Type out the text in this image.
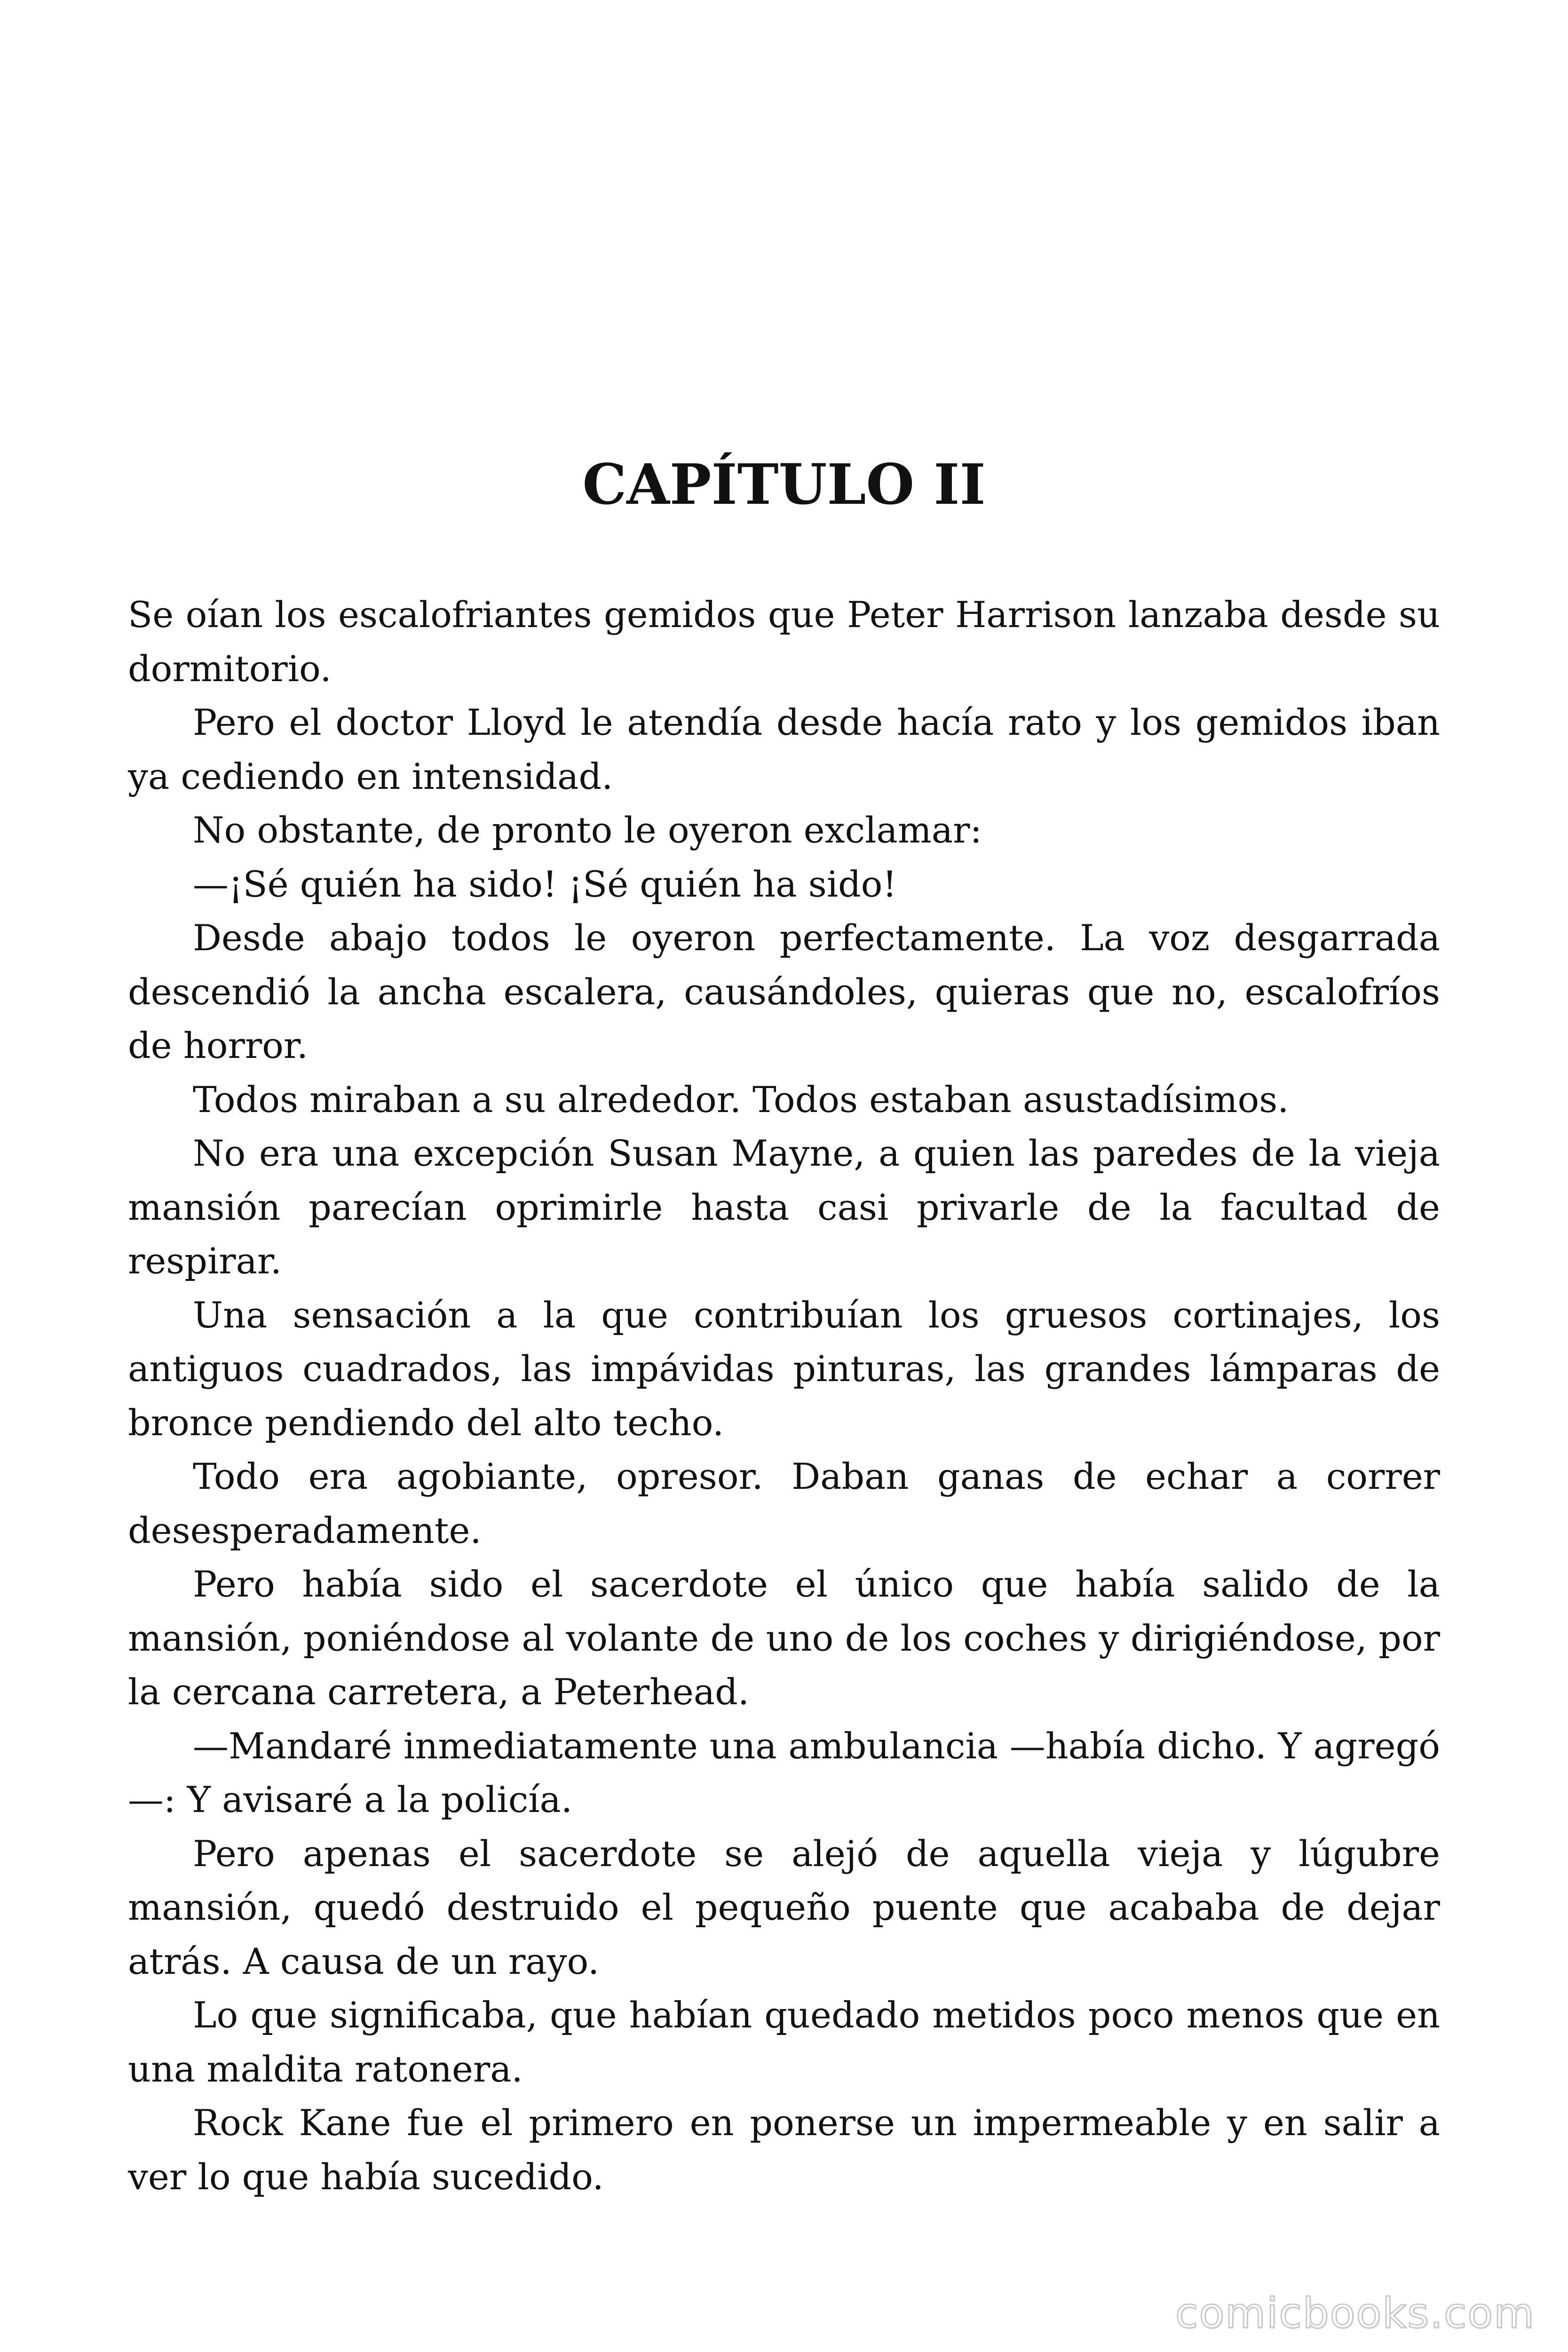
CAPÍTULO II

Se oían los escalofriantes gemidos que Peter Harrison lanzaba desde su dormitorio.

Pero el doctor Lloyd le atendía desde hacía rato y los gemidos iban ya cediendo en intensidad.

No obstante, de pronto le oyeron exclamar:

—¡Sé quién ha sido! ¡Sé quién ha sido!

Desde abajo todos le oyeron perfectamente. La voz desgarrada descendió la ancha escalera, causándoles, quieras que no, escalofríos de horror.

Todos miraban a su alrededor. Todos estaban asustadísimos.

No era una excepción Susan Mayne, a quien las paredes de la vieja mansión parecían oprimirle hasta casi privarle de la facultad de respirar.

Una sensación a la que contribuían los gruesos cortinajes, los antiguos cuadrados, las impávidas pinturas, las grandes lámparas de bronce pendiendo del alto techo.

Todo era agobiante, opresor. Daban ganas de echar a correr desesperadamente.

Pero había sido el sacerdote el único que había salido de la mansión, poniéndose al volante de uno de los coches y dirigiéndose, por la cercana carretera, a Peterhead.

—Mandaré inmediatamente una ambulancia —había dicho. Y agregó—: Y avisaré a la policía.

Pero apenas el sacerdote se alejó de aquella vieja y lúgubre mansión, quedó destruido el pequeño puente que acababa de dejar atrás. A causa de un rayo.

Lo que significaba, que habían quedado metidos poco menos que en una maldita ratonera.

Rock Kane fue el primero en ponerse un impermeable y en salir a ver lo que había sucedido.

comicbooks.com
